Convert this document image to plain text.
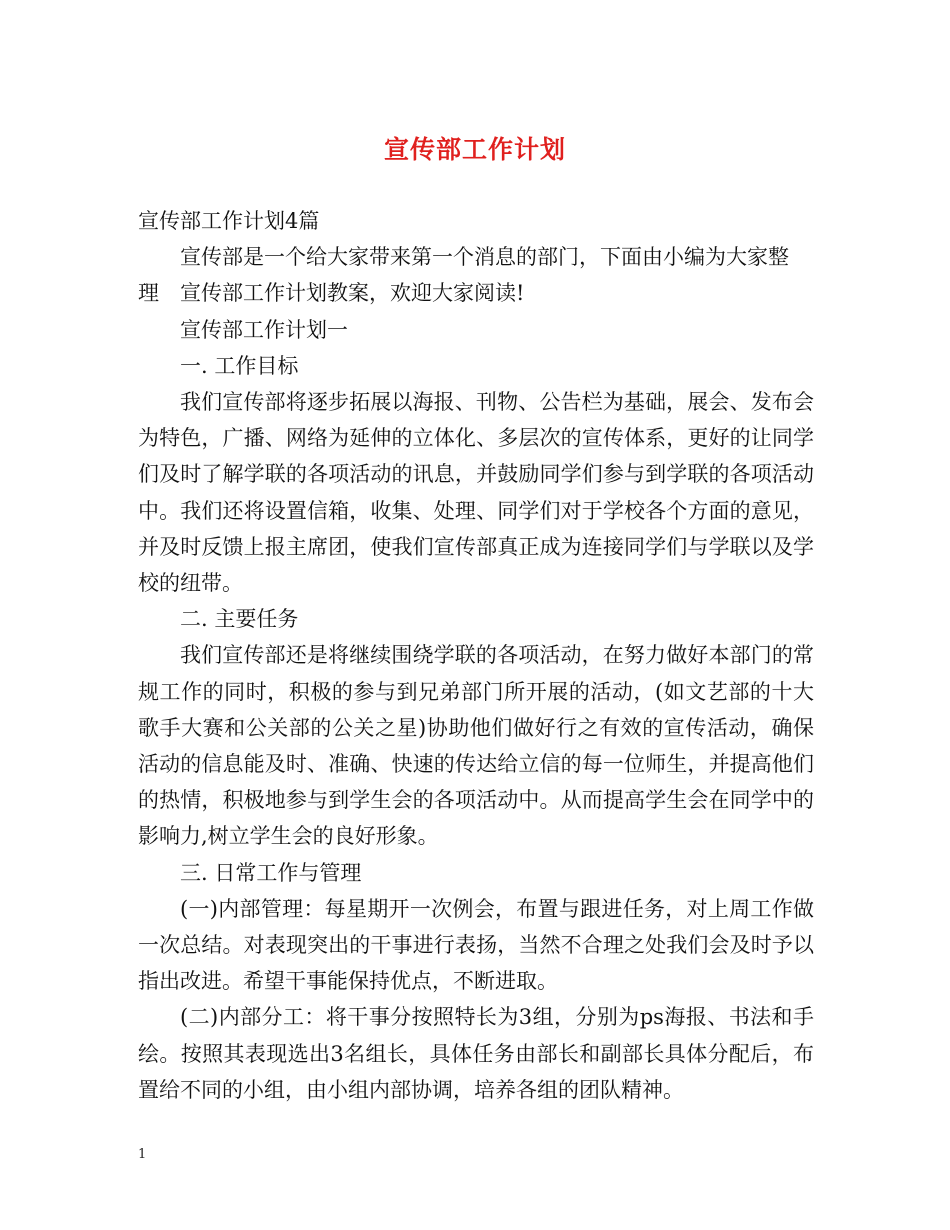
宣传部工作计划

宣传部工作计划4篇

宣传部是一个给大家带来第一个消息的部门，下面由小编为大家整

理	宣传部工作计划教案，欢迎大家阅读!

宣传部工作计划一

一. 工作目标

我们宣传部将逐步拓展以海报、刊物、公告栏为基础，展会、发布会为特色，广播、网络为延伸的立体化、多层次的宣传体系，更好的让同学们及时了解学联的各项活动的讯息，并鼓励同学们参与到学联的各项活动中。我们还将设置信箱，收集、处理、同学们对于学校各个方面的意见，并及时反馈上报主席团，使我们宣传部真正成为连接同学们与学联以及学校的纽带。

二. 主要任务

我们宣传部还是将继续围绕学联的各项活动，在努力做好本部门的常规工作的同时，积极的参与到兄弟部门所开展的活动，(如文艺部的十大歌手大赛和公关部的公关之星)协助他们做好行之有效的宣传活动，确保活动的信息能及时、准确、快速的传达给立信的每一位师生，并提高他们的热情，积极地参与到学生会的各项活动中。从而提高学生会在同学中的影响力,树立学生会的良好形象。

三. 日常工作与管理

(一)内部管理：每星期开一次例会，布置与跟进任务，对上周工作做一次总结。对表现突出的干事进行表扬，当然不合理之处我们会及时予以指出改进。希望干事能保持优点，不断进取。

(二)内部分工：将干事分按照特长为3组，分别为ps海报、书法和手绘。按照其表现选出3名组长，具体任务由部长和副部长具体分配后，布置给不同的小组，由小组内部协调，培养各组的团队精神。

1
